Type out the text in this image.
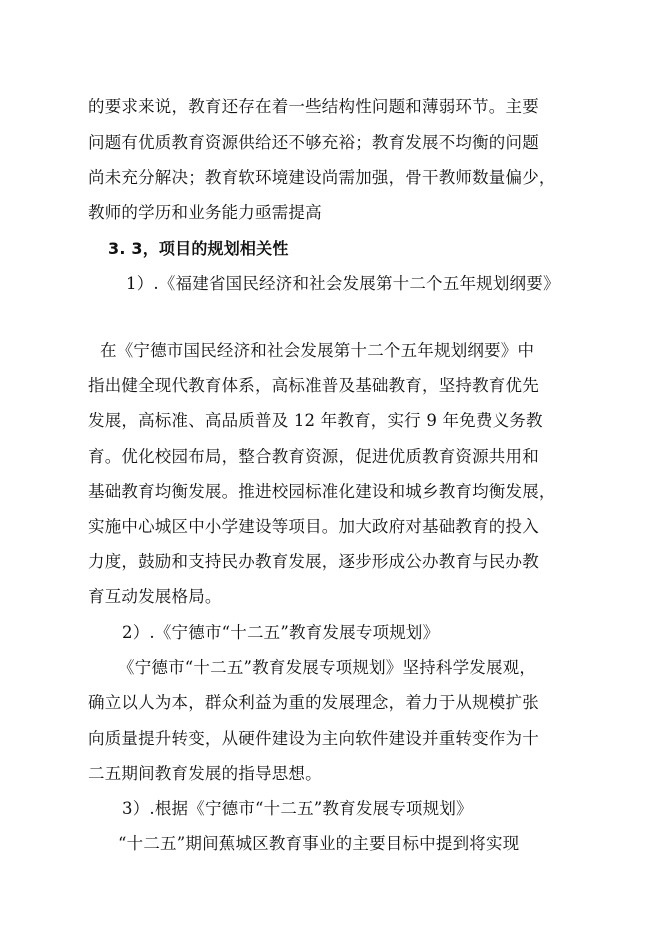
的要求来说，教育还存在着一些结构性问题和薄弱环节。主要
问题有优质教育资源供给还不够充裕；教育发展不均衡的问题
尚未充分解决；教育软环境建设尚需加强，骨干教师数量偏少，
教师的学历和业务能力亟需提高
3. 3，项目的规划相关性
1）.《福建省国民经济和社会发展第十二个五年规划纲要》
在《宁德市国民经济和社会发展第十二个五年规划纲要》中
指出健全现代教育体系，高标准普及基础教育，坚持教育优先
发展，高标准、高品质普及 12 年教育，实行 9 年免费义务教
育。优化校园布局，整合教育资源，促进优质教育资源共用和
基础教育均衡发展。推进校园标准化建设和城乡教育均衡发展，
实施中心城区中小学建设等项目。加大政府对基础教育的投入
力度，鼓励和支持民办教育发展，逐步形成公办教育与民办教
育互动发展格局。
2）.《宁德市“十二五”教育发展专项规划》
《宁德市“十二五”教育发展专项规划》坚持科学发展观，
确立以人为本，群众利益为重的发展理念，着力于从规模扩张
向质量提升转变，从硬件建设为主向软件建设并重转变作为十
二五期间教育发展的指导思想。
3）.根据《宁德市“十二五”教育发展专项规划》
“十二五”期间蕉城区教育事业的主要目标中提到将实现
